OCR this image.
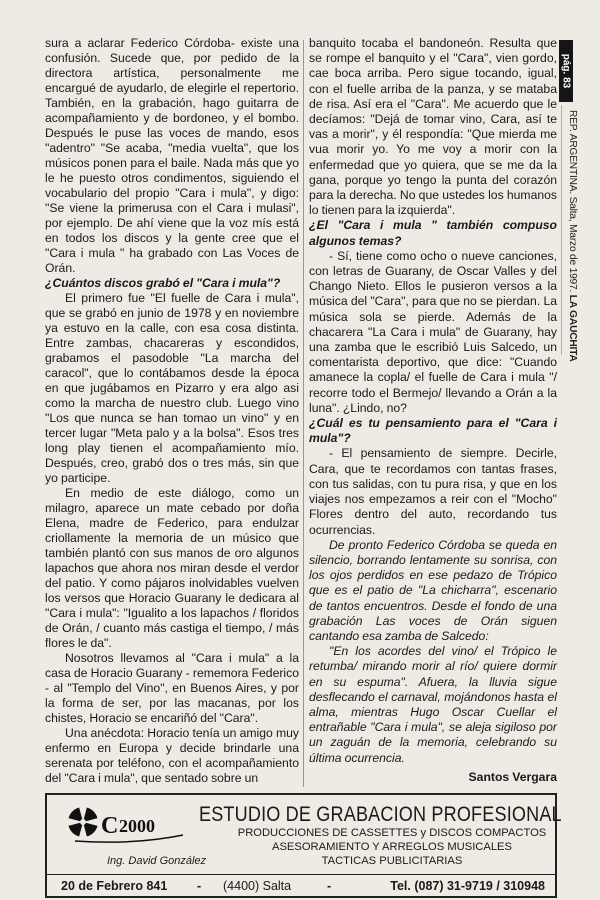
sura a aclarar Federico Córdoba- existe una confusión. Sucede que, por pedido de la directora artística, personalmente me encargué de ayudarlo, de elegirle el repertorio. También, en la grabación, hago guitarra de acompañamiento y de bordoneo, y el bombo. Después le puse las voces de mando, esos "adentro" "Se acaba, "media vuelta", que los músicos ponen para el baile. Nada más que yo le he puesto otros condimentos, siguiendo el vocabulario del propio "Cara i mula", y digo: "Se viene la primerusa con el Cara i mulasi", por ejemplo. De ahí viene que la voz mís está en todos los discos y la gente cree que el "Cara i mula " ha grabado con Las Voces de Orán.

¿Cuántos discos grabó el "Cara i mula"?

El primero fue "El fuelle de Cara i mula", que se grabó en junio de 1978 y en noviembre ya estuvo en la calle, con esa cosa distinta. Entre zambas, chacareras y escondidos, grabamos el pasodoble "La marcha del caracol", que lo contábamos desde la época en que jugábamos en Pizarro y era algo asi como la marcha de nuestro club. Luego vino "Los que nunca se han tomao un vino" y en tercer lugar "Meta palo y a la bolsa". Esos tres long play tienen el acompañamiento mío. Después, creo, grabó dos o tres más, sin que yo participe.

En medio de este diálogo, como un milagro, aparece un mate cebado por doña Elena, madre de Federico, para endulzar criollamente la memoria de un músico que también plantó con sus manos de oro algunos lapachos que ahora nos miran desde el verdor del patio. Y como pájaros inolvidables vuelven los versos que Horacio Guarany le dedicara al "Cara i mula": "Igualito a los lapachos / floridos de Orán, / cuanto más castiga el tiempo, / más flores le da".

Nosotros llevamos al "Cara i mula" a la casa de Horacio Guarany - rememora Federico - al "Templo del Vino", en Buenos Aires, y por la forma de ser, por las macanas, por los chistes, Horacio se encariñó del "Cara".

Una anécdota: Horacio tenía un amigo muy enfermo en Europa y decide brindarle una serenata por teléfono, con el acompañamiento del "Cara i mula", que sentado sobre un

banquito tocaba el bandoneón. Resulta que se rompe el banquito y el "Cara", vien gordo, cae boca arriba. Pero sigue tocando, igual, con el fuelle arriba de la panza, y se mataba de risa. Así era el "Cara". Me acuerdo que le decíamos: "Dejá de tomar vino, Cara, así te vas a morir", y él respondía: "Que mierda me vua morir yo. Yo me voy a morir con la enfermedad que yo quiera, que se me da la gana, porque yo tengo la punta del corazón para la derecha. No que ustedes los humanos lo tienen para la izquierda".

¿El "Cara i mula " también compuso algunos temas?

- Sí, tiene como ocho o nueve canciones, con letras de Guarany, de Oscar Valles y del Chango Nieto. Ellos le pusieron versos a la música del "Cara", para que no se pierdan. La música sola se pierde. Además de la chacarera "La Cara i mula" de Guarany, hay una zamba que le escribió Luis Salcedo, un comentarista deportivo, que dice: "Cuando amanece la copla/ el fuelle de Cara i mula "/ recorre todo el Bermejo/ llevando a Orán a la luna". ¿Lindo, no?

¿Cuál es tu pensamiento para el "Cara i mula"?

- El pensamiento de siempre. Decirle, Cara, que te recordamos con tantas frases, con tus salidas, con tu pura risa, y que en los viajes nos empezamos a reir con el "Mocho" Flores dentro del auto, recordando tus ocurrencias.

De pronto Federico Córdoba se queda en silencio, borrando lentamente su sonrisa, con los ojos perdidos en ese pedazo de Trópico que es el patio de "La chicharra", escenario de tantos encuentros. Desde el fondo de una grabación Las voces de Orán siguen cantando esa zamba de Salcedo:

"En los acordes del vino/ el Trópico le retumba/ mirando morir al río/ quiere dormir en su espuma". Afuera, la lluvia sigue desflecando el carnaval, mojándonos hasta el alma, mientras Hugo Oscar Cuellar el entrañable "Cara i mula", se aleja sigiloso por un zaguán de la memoria, celebrando su última ocurrencia.

Santos Vergara

pág. 83
REP. ARGENTINA. Salta, Marzo de 1997. LA GAUCHITA
C 2000 ESTUDIO DE GRABACION PROFESIONAL
PRODUCCIONES DE CASSETTES y DISCOS COMPACTOS
ASESORAMIENTO Y ARREGLOS MUSICALES
TACTICAS PUBLICITARIAS
Ing. David González
20 de Febrero 841 - (4400) Salta	-	Tel. (087) 31-9719 / 310948
